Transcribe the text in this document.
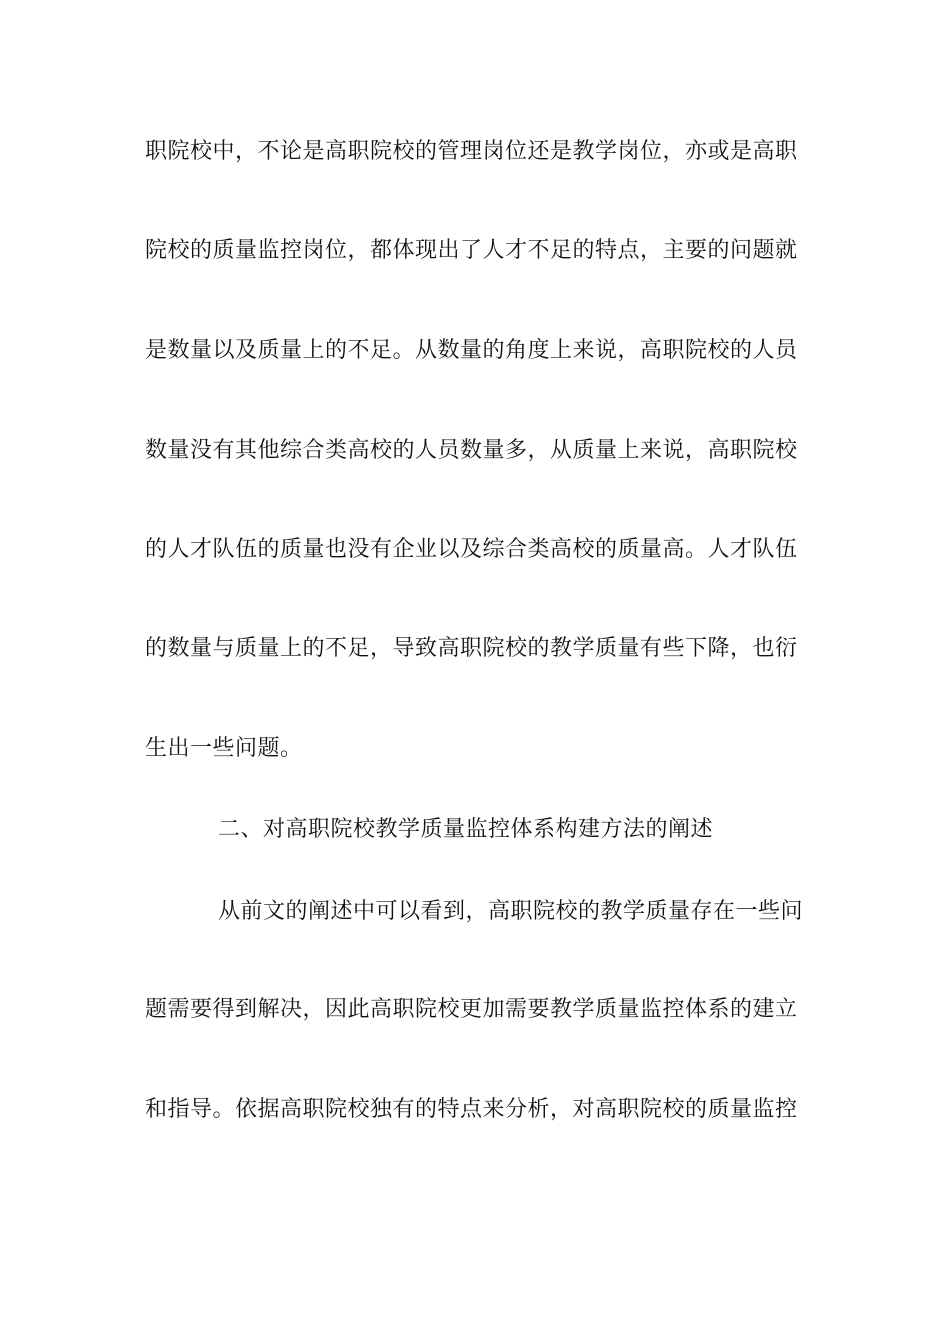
职院校中，不论是高职院校的管理岗位还是教学岗位，亦或是高职
院校的质量监控岗位，都体现出了人才不足的特点，主要的问题就
是数量以及质量上的不足。从数量的角度上来说，高职院校的人员
数量没有其他综合类高校的人员数量多，从质量上来说，高职院校
的人才队伍的质量也没有企业以及综合类高校的质量高。人才队伍
的数量与质量上的不足，导致高职院校的教学质量有些下降，也衍
生出一些问题。
二、对高职院校教学质量监控体系构建方法的阐述
从前文的阐述中可以看到，高职院校的教学质量存在一些问
题需要得到解决，因此高职院校更加需要教学质量监控体系的建立
和指导。依据高职院校独有的特点来分析，对高职院校的质量监控
